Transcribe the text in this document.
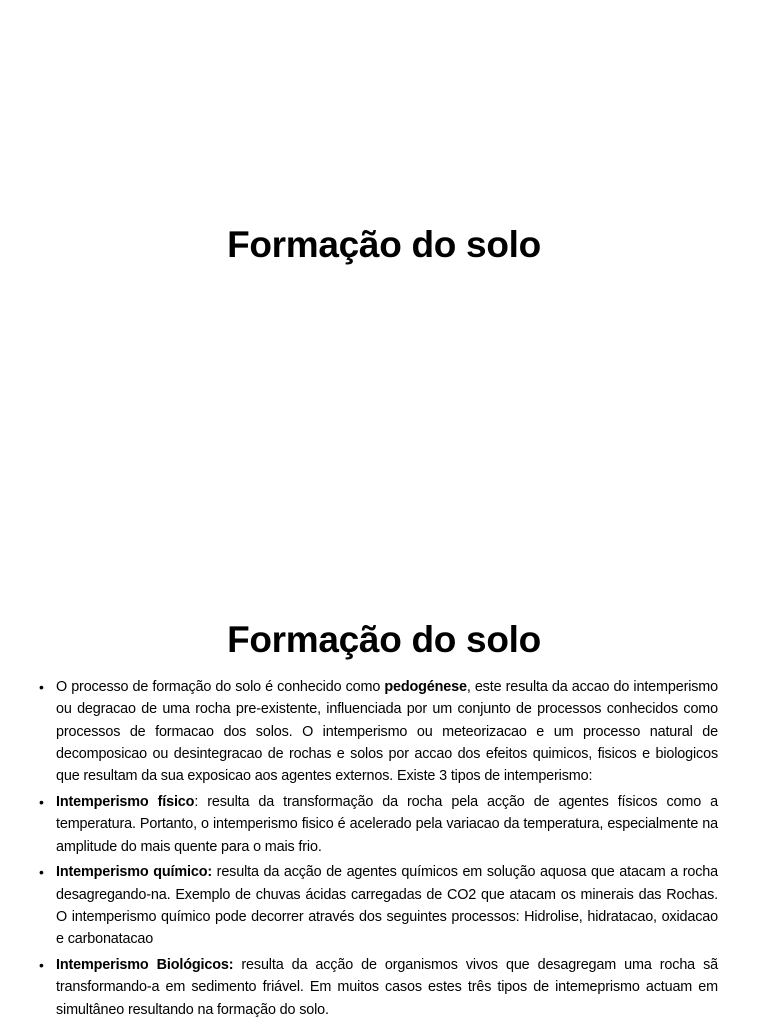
Formação do solo
Formação do solo
• O processo de formação do solo é conhecido como pedogénese, este resulta da accao do intemperismo ou degracao de uma rocha pre-existente, influenciada por um conjunto de processos conhecidos como processos de formacao dos solos. O intemperismo ou meteorizacao e um processo natural de decomposicao ou desintegracao de rochas e solos por accao dos efeitos quimicos, fisicos e biologicos que resultam da sua exposicao aos agentes externos. Existe 3 tipos de intemperismo:
• Intemperismo físico: resulta da transformação da rocha pela acção de agentes físicos como a temperatura. Portanto, o intemperismo fisico é acelerado pela variacao da temperatura, especialmente na amplitude do mais quente para o mais frio.
• Intemperismo químico: resulta da acção de agentes químicos em solução aquosa que atacam a rocha desagregando-na. Exemplo de chuvas ácidas carregadas de CO2 que atacam os minerais das Rochas. O intemperismo químico pode decorrer através dos seguintes processos: Hidrolise, hidratacao, oxidacao e carbonatacao
• Intemperismo Biológicos: resulta da acção de organismos vivos que desagregam uma rocha sã transformando-a em sedimento friável. Em muitos casos estes três tipos de intemeprismo actuam em simultâneo resultando na formação do solo.
